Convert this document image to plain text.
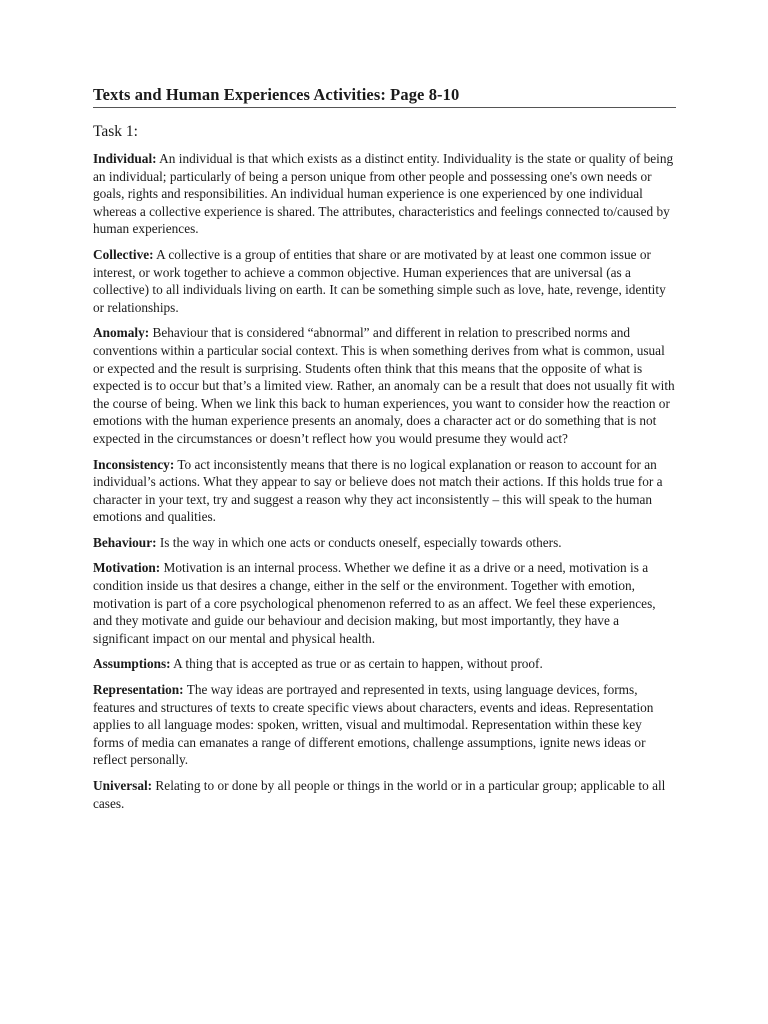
Texts and Human Experiences Activities: Page 8-10
Task 1:

Individual: An individual is that which exists as a distinct entity. Individuality is the state or quality of being an individual; particularly of being a person unique from other people and possessing one's own needs or goals, rights and responsibilities. An individual human experience is one experienced by one individual whereas a collective experience is shared. The attributes, characteristics and feelings connected to/caused by human experiences.

Collective: A collective is a group of entities that share or are motivated by at least one common issue or interest, or work together to achieve a common objective. Human experiences that are universal (as a collective) to all individuals living on earth. It can be something simple such as love, hate, revenge, identity or relationships.

Anomaly: Behaviour that is considered “abnormal” and different in relation to prescribed norms and conventions within a particular social context. This is when something derives from what is common, usual or expected and the result is surprising. Students often think that this means that the opposite of what is expected is to occur but that’s a limited view. Rather, an anomaly can be a result that does not usually fit with the course of being. When we link this back to human experiences, you want to consider how the reaction or emotions with the human experience presents an anomaly, does a character act or do something that is not expected in the circumstances or doesn’t reflect how you would presume they would act?

Inconsistency: To act inconsistently means that there is no logical explanation or reason to account for an individual’s actions. What they appear to say or believe does not match their actions. If this holds true for a character in your text, try and suggest a reason why they act inconsistently – this will speak to the human emotions and qualities.

Behaviour: Is the way in which one acts or conducts oneself, especially towards others.

Motivation: Motivation is an internal process. Whether we define it as a drive or a need, motivation is a condition inside us that desires a change, either in the self or the environment. Together with emotion, motivation is part of a core psychological phenomenon referred to as an affect. We feel these experiences, and they motivate and guide our behaviour and decision making, but most importantly, they have a significant impact on our mental and physical health.

Assumptions: A thing that is accepted as true or as certain to happen, without proof.

Representation: The way ideas are portrayed and represented in texts, using language devices, forms, features and structures of texts to create specific views about characters, events and ideas. Representation applies to all language modes: spoken, written, visual and multimodal. Representation within these key forms of media can emanates a range of different emotions, challenge assumptions, ignite news ideas or reflect personally.

Universal: Relating to or done by all people or things in the world or in a particular group; applicable to all cases.
